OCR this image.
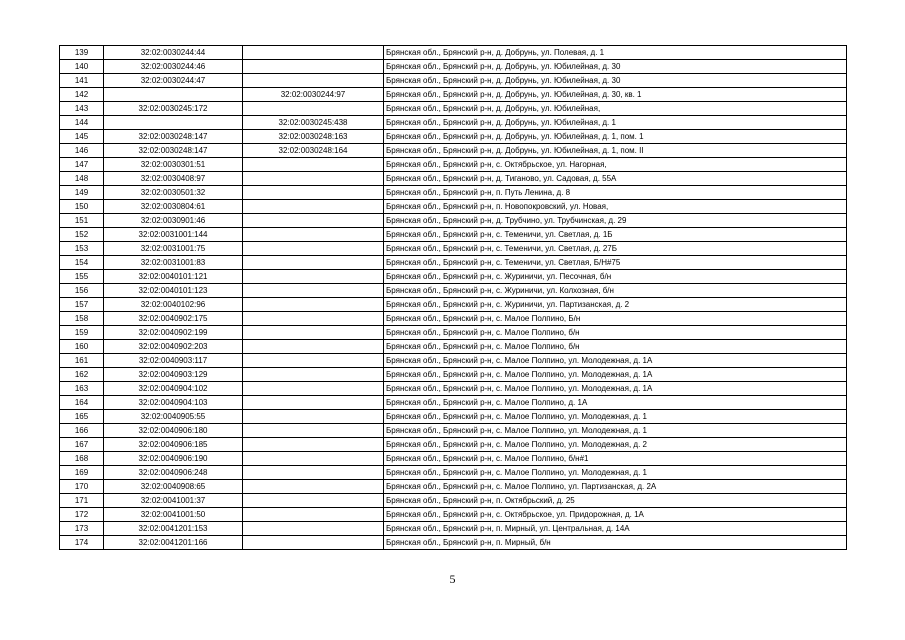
139	32:02:0030244:44		Брянская обл., Брянский р-н, д. Добрунь, ул. Полевая, д. 1
140	32:02:0030244:46		Брянская обл., Брянский р-н, д. Добрунь, ул. Юбилейная, д. 30
141	32:02:0030244:47		Брянская обл., Брянский р-н, д. Добрунь, ул. Юбилейная, д. 30
142		32:02:0030244:97	Брянская обл., Брянский р-н, д. Добрунь, ул. Юбилейная, д. 30, кв. 1
143	32:02:0030245:172		Брянская обл., Брянский р-н, д. Добрунь, ул. Юбилейная,
144		32:02:0030245:438	Брянская обл., Брянский р-н, д. Добрунь, ул. Юбилейная, д. 1
145	32:02:0030248:147	32:02:0030248:163	Брянская обл., Брянский р-н, д. Добрунь, ул. Юбилейная, д. 1, пом. 1
146	32:02:0030248:147	32:02:0030248:164	Брянская обл., Брянский р-н, д. Добрунь, ул. Юбилейная, д. 1, пом. II
147	32:02:0030301:51		Брянская обл., Брянский р-н, с. Октябрьское, ул. Нагорная,
148	32:02:0030408:97		Брянская обл., Брянский р-н, д. Тиганово, ул. Садовая, д. 55А
149	32:02:0030501:32		Брянская обл., Брянский р-н, п. Путь Ленина, д. 8
150	32:02:0030804:61		Брянская обл., Брянский р-н, п. Новопокровский, ул. Новая,
151	32:02:0030901:46		Брянская обл., Брянский р-н, д. Трубчино, ул. Трубчинская, д. 29
152	32:02:0031001:144		Брянская обл., Брянский р-н, с. Теменичи, ул. Светлая, д. 1Б
153	32:02:0031001:75		Брянская обл., Брянский р-н, с. Теменичи, ул. Светлая, д. 27Б
154	32:02:0031001:83		Брянская обл., Брянский р-н, с. Теменичи, ул. Светлая, Б/Н#75
155	32:02:0040101:121		Брянская обл., Брянский р-н, с. Журиничи, ул. Песочная, б/н
156	32:02:0040101:123		Брянская обл., Брянский р-н, с. Журиничи, ул. Колхозная, б/н
157	32:02:0040102:96		Брянская обл., Брянский р-н, с. Журиничи, ул. Партизанская, д. 2
158	32:02:0040902:175		Брянская обл., Брянский р-н, с. Малое Полпино, Б/н
159	32:02:0040902:199		Брянская обл., Брянский р-н, с. Малое Полпино, б/н
160	32:02:0040902:203		Брянская обл., Брянский р-н, с. Малое Полпино, б/н
161	32:02:0040903:117		Брянская обл., Брянский р-н, с. Малое Полпино, ул. Молодежная, д. 1А
162	32:02:0040903:129		Брянская обл., Брянский р-н, с. Малое Полпино, ул. Молодежная, д. 1А
163	32:02:0040904:102		Брянская обл., Брянский р-н, с. Малое Полпино, ул. Молодежная, д. 1А
164	32:02:0040904:103		Брянская обл., Брянский р-н, с. Малое Полпино, д. 1А
165	32:02:0040905:55		Брянская обл., Брянский р-н, с. Малое Полпино, ул. Молодежная, д. 1
166	32:02:0040906:180		Брянская обл., Брянский р-н, с. Малое Полпино, ул. Молодежная, д. 1
167	32:02:0040906:185		Брянская обл., Брянский р-н, с. Малое Полпино, ул. Молодежная, д. 2
168	32:02:0040906:190		Брянская обл., Брянский р-н, с. Малое Полпино, б/н#1
169	32:02:0040906:248		Брянская обл., Брянский р-н, с. Малое Полпино, ул. Молодежная, д. 1
170	32:02:0040908:65		Брянская обл., Брянский р-н, с. Малое Полпино, ул. Партизанская, д. 2А
171	32:02:0041001:37		Брянская обл., Брянский р-н, п. Октябрьский, д. 25
172	32:02:0041001:50		Брянская обл., Брянский р-н, с. Октябрьское, ул. Придорожная, д. 1А
173	32:02:0041201:153		Брянская обл., Брянский р-н, п. Мирный, ул. Центральная, д. 14А
174	32:02:0041201:166		Брянская обл., Брянский р-н, п. Мирный, б/н
5
